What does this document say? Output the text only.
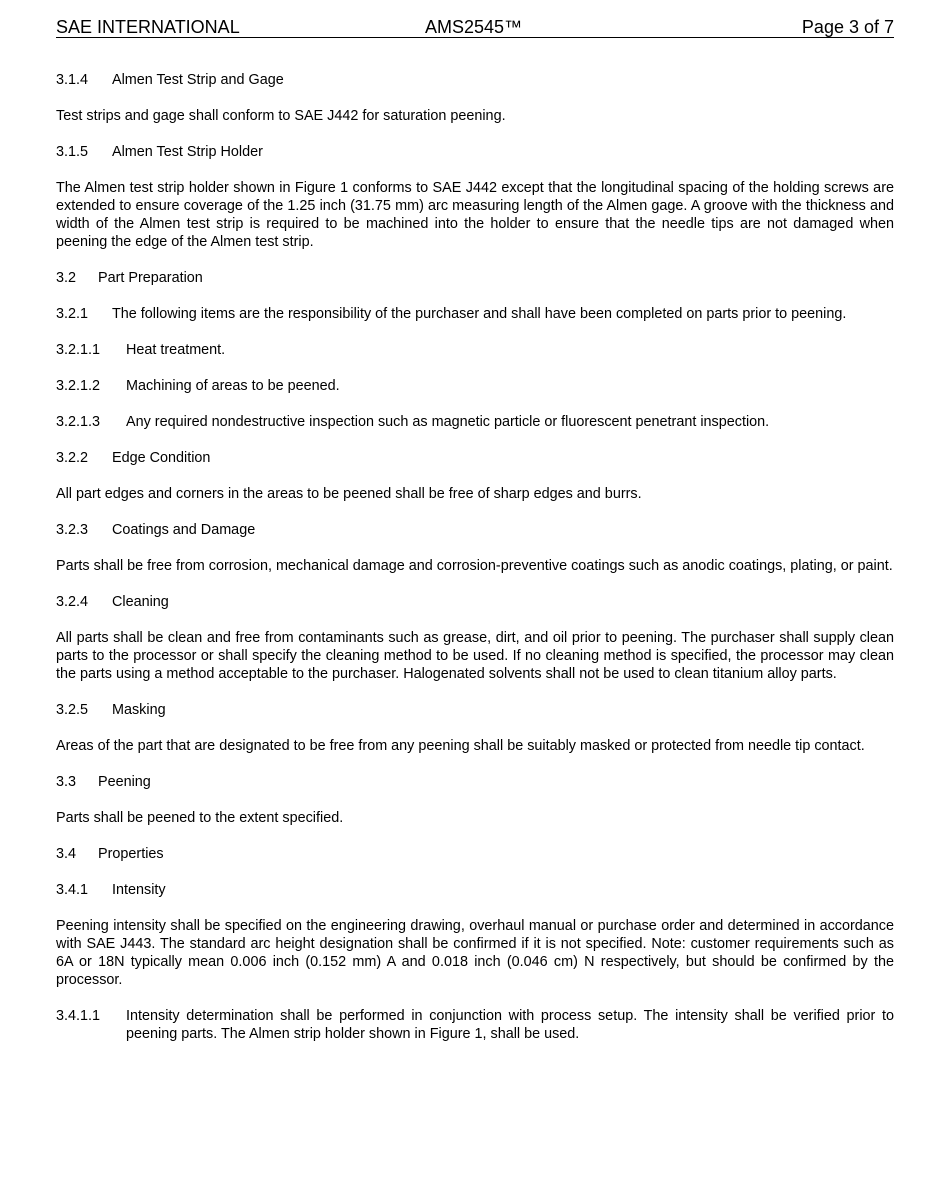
SAE INTERNATIONAL	AMS2545™	Page 3 of 7
3.1.4 Almen Test Strip and Gage

Test strips and gage shall conform to SAE J442 for saturation peening.

3.1.5 Almen Test Strip Holder

The Almen test strip holder shown in Figure 1 conforms to SAE J442 except that the longitudinal spacing of the holding screws are extended to ensure coverage of the 1.25 inch (31.75 mm) arc measuring length of the Almen gage. A groove with the thickness and width of the Almen test strip is required to be machined into the holder to ensure that the needle tips are not damaged when peening the edge of the Almen test strip.

3.2 Part Preparation
3.2.1 The following items are the responsibility of the purchaser and shall have been completed on parts prior to peening.
3.2.1.1 Heat treatment.
3.2.1.2 Machining of areas to be peened.
3.2.1.3 Any required nondestructive inspection such as magnetic particle or fluorescent penetrant inspection.
3.2.2 Edge Condition

All part edges and corners in the areas to be peened shall be free of sharp edges and burrs.

3.2.3 Coatings and Damage

Parts shall be free from corrosion, mechanical damage and corrosion-preventive coatings such as anodic coatings, plating, or paint.

3.2.4 Cleaning

All parts shall be clean and free from contaminants such as grease, dirt, and oil prior to peening. The purchaser shall supply clean parts to the processor or shall specify the cleaning method to be used. If no cleaning method is specified, the processor may clean the parts using a method acceptable to the purchaser. Halogenated solvents shall not be used to clean titanium alloy parts.

3.2.5 Masking

Areas of the part that are designated to be free from any peening shall be suitably masked or protected from needle tip contact.

3.3 Peening

Parts shall be peened to the extent specified.

3.4 Properties
3.4.1 Intensity

Peening intensity shall be specified on the engineering drawing, overhaul manual or purchase order and determined in accordance with SAE J443. The standard arc height designation shall be confirmed if it is not specified. Note: customer requirements such as 6A or 18N typically mean 0.006 inch (0.152 mm) A and 0.018 inch (0.046 cm) N respectively, but should be confirmed by the processor.

3.4.1.1	Intensity determination shall be performed in conjunction with process setup. The intensity shall be verified prior to peening parts. The Almen strip holder shown in Figure 1, shall be used.
